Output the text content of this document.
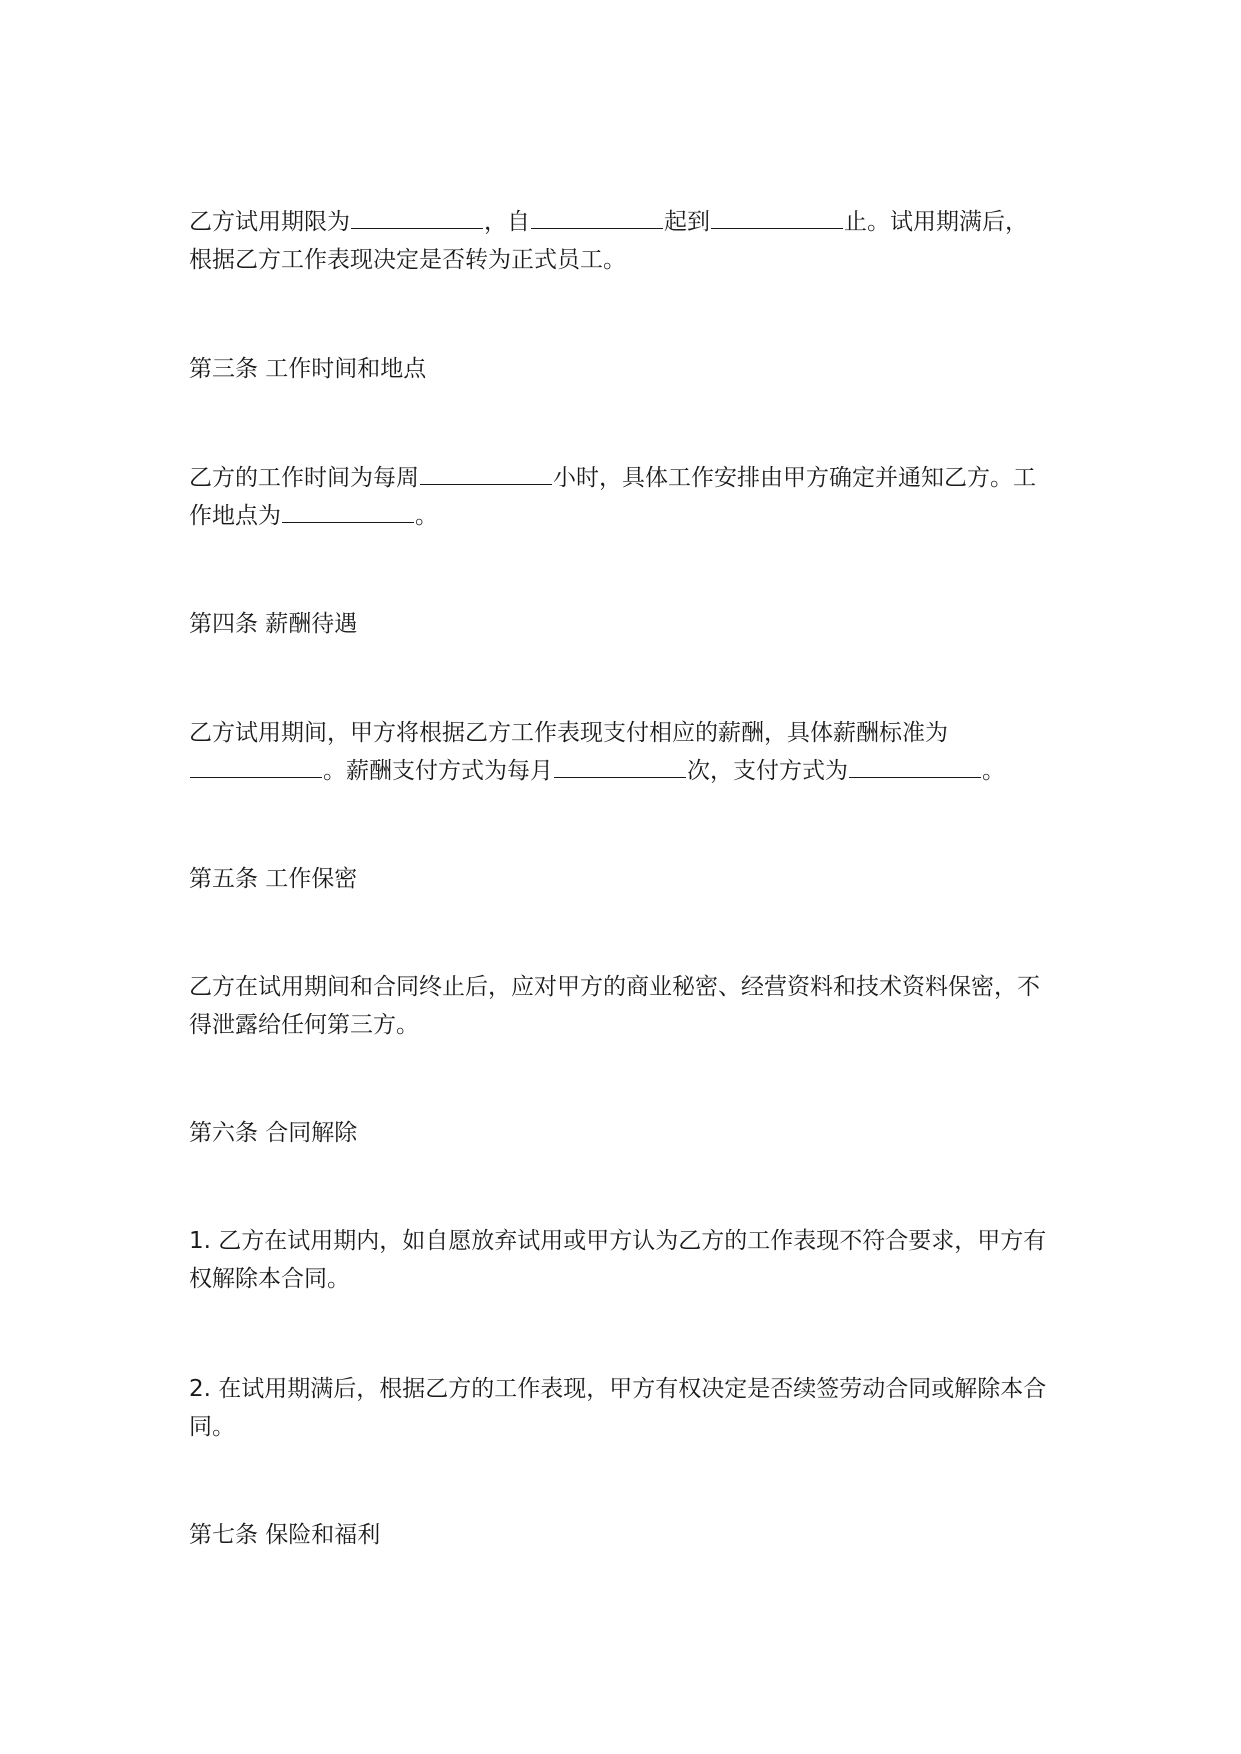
乙方试用期限为	，自	起到	止。试用期满后，
根据乙方工作表现决定是否转为正式员工。

第三条 工作时间和地点

乙方的工作时间为每周	小时，具体工作安排由甲方确定并通知乙方。工
作地点为	。

第四条 薪酬待遇

乙方试用期间，甲方将根据乙方工作表现支付相应的薪酬，具体薪酬标准为
。薪酬支付方式为每月	次，支付方式为	。

第五条 工作保密

乙方在试用期间和合同终止后，应对甲方的商业秘密、经营资料和技术资料保密，不
得泄露给任何第三方。

第六条 合同解除

1. 乙方在试用期内，如自愿放弃试用或甲方认为乙方的工作表现不符合要求，甲方有
权解除本合同。

2. 在试用期满后，根据乙方的工作表现，甲方有权决定是否续签劳动合同或解除本合
同。

第七条 保险和福利
